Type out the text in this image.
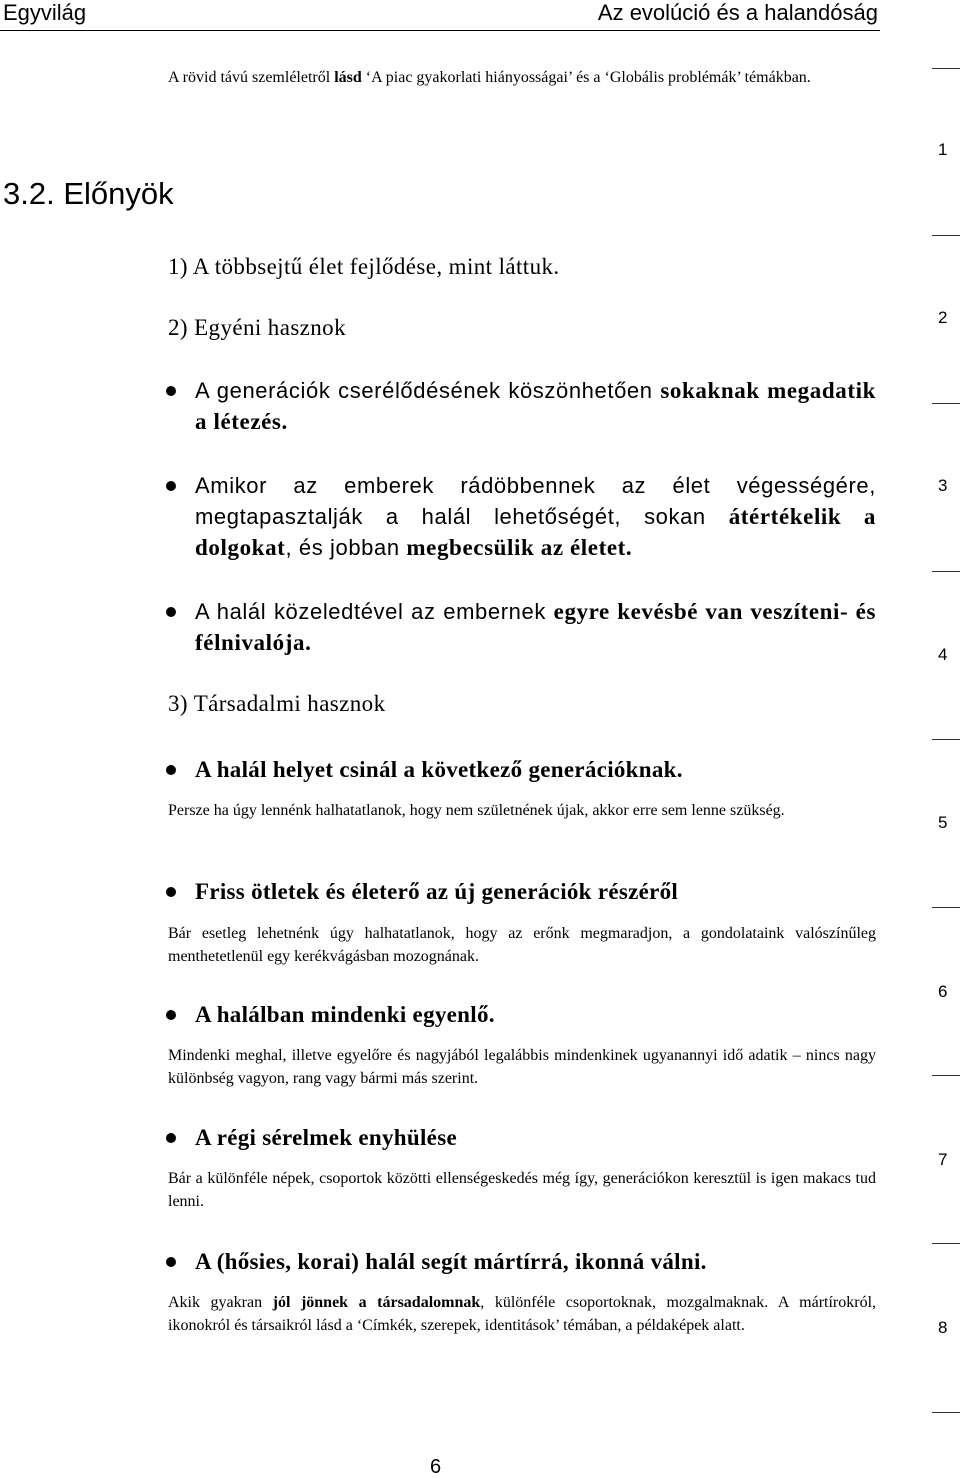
Egyvilág	Az evolúció és a halandóság
A rövid távú szemléletről lásd ‘A piac gyakorlati hiányosságai’ és a ‘Globális problémák’ témákban.
3.2. Előnyök
1) A többsejtű élet fejlődése, mint láttuk.
2) Egyéni hasznok
A generációk cserélődésének köszönhetően sokaknak megadatik a létezés.
Amikor az emberek rádöbbennek az élet végességére, megtapasztalják a halál lehetőségét, sokan átértékelik a dolgokat, és jobban megbecsülik az életet.
A halál közeledtével az embernek egyre kevésbé van veszíteni- és félnivalója.
3) Társadalmi hasznok
A halál helyet csinál a következő generációknak.
Persze ha úgy lennénk halhatatlanok, hogy nem születnének újak, akkor erre sem lenne szükség.
Friss ötletek és életerő az új generációk részéről
Bár esetleg lehetnénk úgy halhatatlanok, hogy az erőnk megmaradjon, a gondolataink valószínűleg menthetetlenül egy kerékvágásban mozognának.
A halálban mindenki egyenlő.
Mindenki meghal, illetve egyelőre és nagyjából legalábbis mindenkinek ugyanannyi idő adatik – nincs nagy különbség vagyon, rang vagy bármi más szerint.
A régi sérelmek enyhülése
Bár a különféle népek, csoportok közötti ellenségeskedés még így, generációkon keresztül is igen makacs tud lenni.
A (hősies, korai) halál segít mártírrá, ikonná válni.
Akik gyakran jól jönnek a társadalomnak, különféle csoportoknak, mozgalmaknak. A mártírokról, ikonokról és társaikról lásd a ‘Címkék, szerepek, identitások’ témában, a példaképek alatt.
1
2
3
4
5
6
7
8
6
